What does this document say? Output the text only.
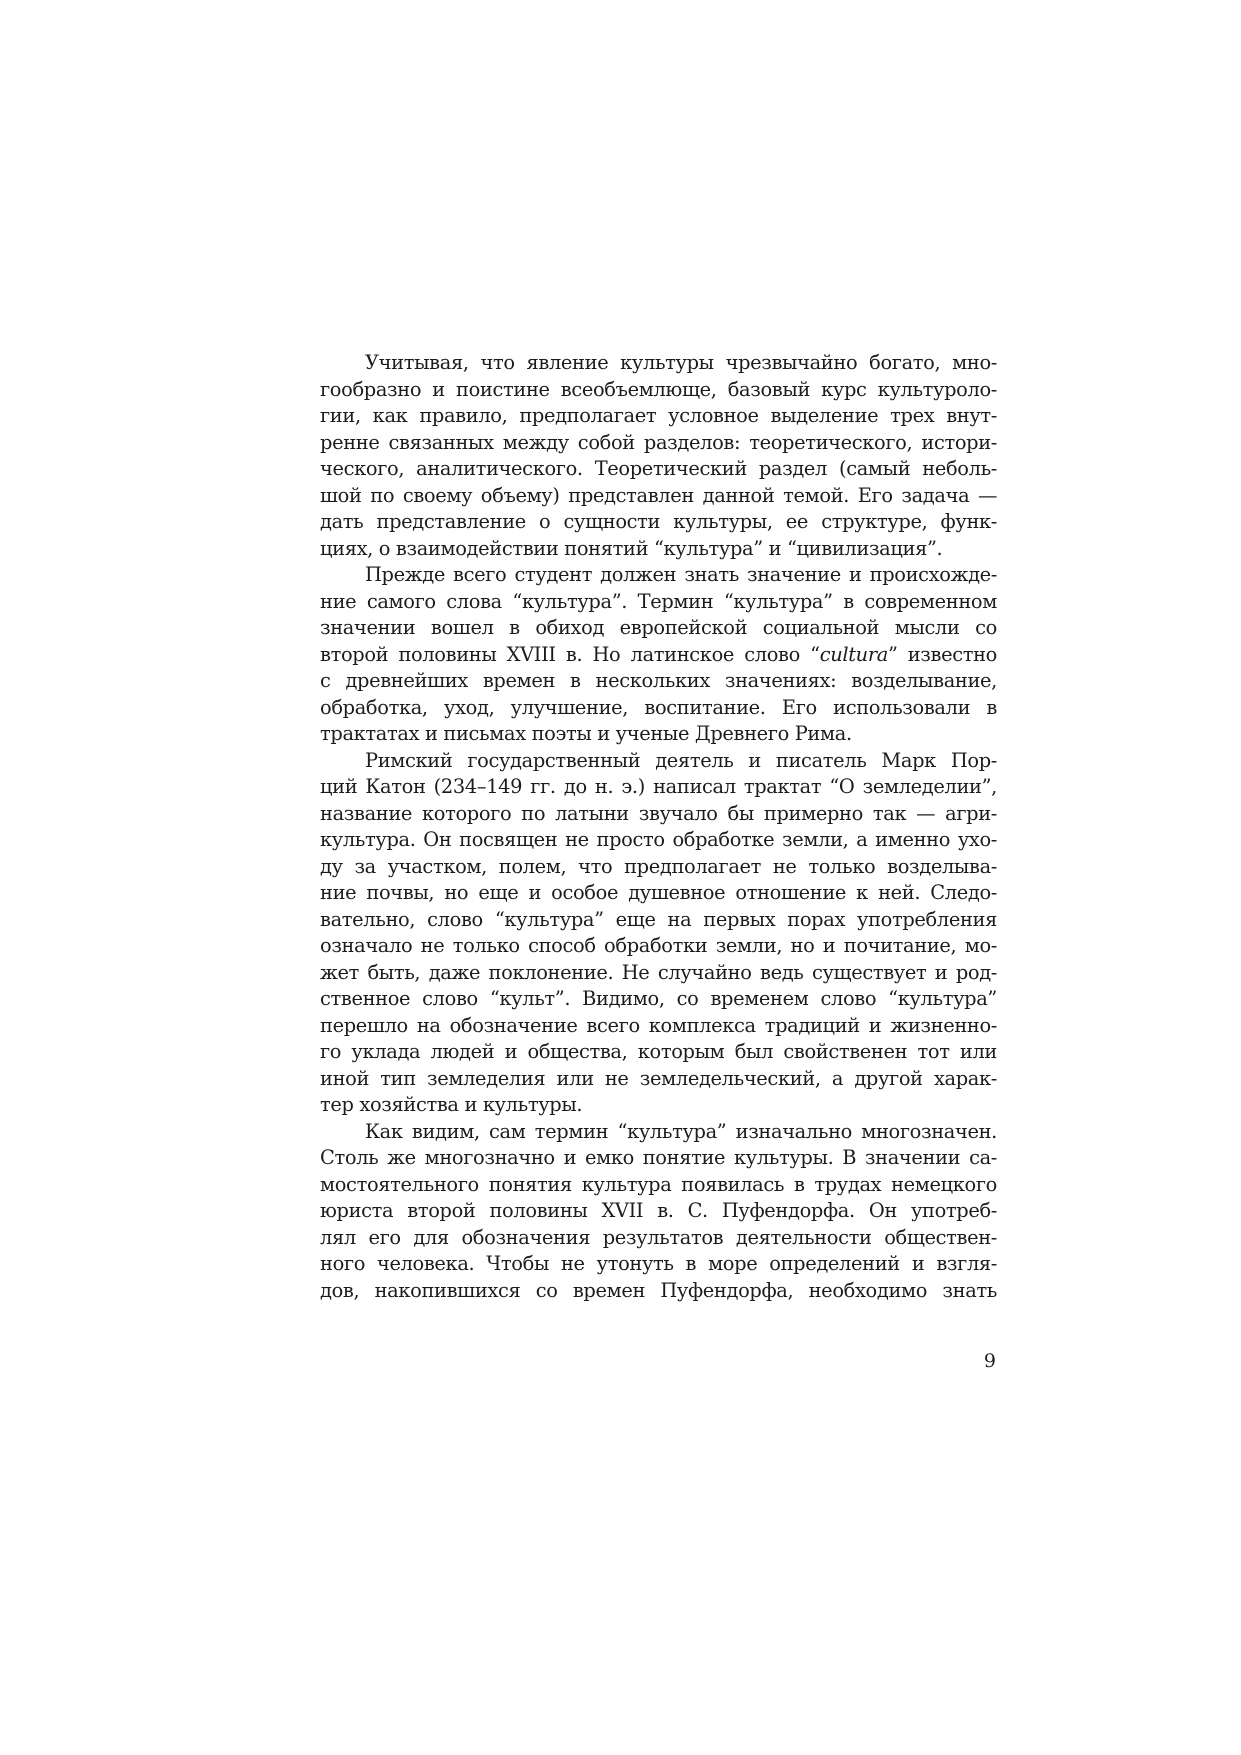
Учитывая, что явление культуры чрезвычайно богато, мно-
гообразно и поистине всеобъемлюще, базовый курс культуроло-
гии, как правило, предполагает условное выделение трех внут-
ренне связанных между собой разделов: теоретического, истори-
ческого, аналитического. Теоретический раздел (самый неболь-
шой по своему объему) представлен данной темой. Его задача —
дать представление о сущности культуры, ее структуре, функ-
циях, о взаимодействии понятий “культура” и “цивилизация”.
Прежде всего студент должен знать значение и происхожде-
ние самого слова “культура”. Термин “культура” в современном
значении вошел в обиход европейской социальной мысли со
второй половины XVIII в. Но латинское слово “cultura” известно
с древнейших времен в нескольких значениях: возделывание,
обработка, уход, улучшение, воспитание. Его использовали в
трактатах и письмах поэты и ученые Древнего Рима.
Римский государственный деятель и писатель Марк Пор-
ций Катон (234–149 гг. до н. э.) написал трактат “О земледелии”,
название которого по латыни звучало бы примерно так — агри-
культура. Он посвящен не просто обработке земли, а именно ухо-
ду за участком, полем, что предполагает не только возделыва-
ние почвы, но еще и особое душевное отношение к ней. Следо-
вательно, слово “культура” еще на первых порах употребления
означало не только способ обработки земли, но и почитание, мо-
жет быть, даже поклонение. Не случайно ведь существует и род-
ственное слово “культ”. Видимо, со временем слово “культура”
перешло на обозначение всего комплекса традиций и жизненно-
го уклада людей и общества, которым был свойственен тот или
иной тип земледелия или не земледельческий, а другой харак-
тер хозяйства и культуры.
Как видим, сам термин “культура” изначально многозначен.
Столь же многозначно и емко понятие культуры. В значении са-
мостоятельного понятия культура появилась в трудах немецкого
юриста второй половины XVII в. С. Пуфендорфа. Он употреб-
лял его для обозначения результатов деятельности обществен-
ного человека. Чтобы не утонуть в море определений и взгля-
дов, накопившихся со времен Пуфендорфа, необходимо знать
9
